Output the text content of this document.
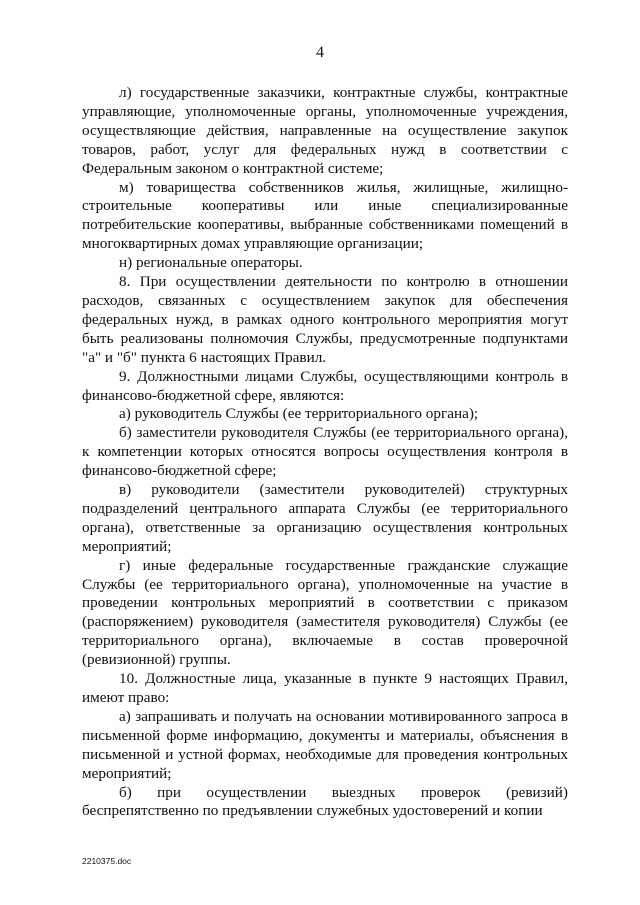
4

л) государственные заказчики, контрактные службы, контрактные управляющие, уполномоченные органы, уполномоченные учреждения, осуществляющие действия, направленные на осуществление закупок товаров, работ, услуг для федеральных нужд в соответствии с Федеральным законом о контрактной системе;

м) товарищества собственников жилья, жилищные, жилищно-строительные кооперативы или иные специализированные потребительские кооперативы, выбранные собственниками помещений в многоквартирных домах управляющие организации;

н) региональные операторы.

8. При осуществлении деятельности по контролю в отношении расходов, связанных с осуществлением закупок для обеспечения федеральных нужд, в рамках одного контрольного мероприятия могут быть реализованы полномочия Службы, предусмотренные подпунктами "а" и "б" пункта 6 настоящих Правил.

9. Должностными лицами Службы, осуществляющими контроль в финансово-бюджетной сфере, являются:

а) руководитель Службы (ее территориального органа);

б) заместители руководителя Службы (ее территориального органа), к компетенции которых относятся вопросы осуществления контроля в финансово-бюджетной сфере;

в) руководители (заместители руководителей) структурных подразделений центрального аппарата Службы (ее территориального органа), ответственные за организацию осуществления контрольных мероприятий;

г) иные федеральные государственные гражданские служащие Службы (ее территориального органа), уполномоченные на участие в проведении контрольных мероприятий в соответствии с приказом (распоряжением) руководителя (заместителя руководителя) Службы (ее территориального органа), включаемые в состав проверочной (ревизионной) группы.

10. Должностные лица, указанные в пункте 9 настоящих Правил, имеют право:

а) запрашивать и получать на основании мотивированного запроса в письменной форме информацию, документы и материалы, объяснения в письменной и устной формах, необходимые для проведения контрольных мероприятий;

б) при осуществлении выездных проверок (ревизий) беспрепятственно по предъявлении служебных удостоверений и копии

2210375.doc
